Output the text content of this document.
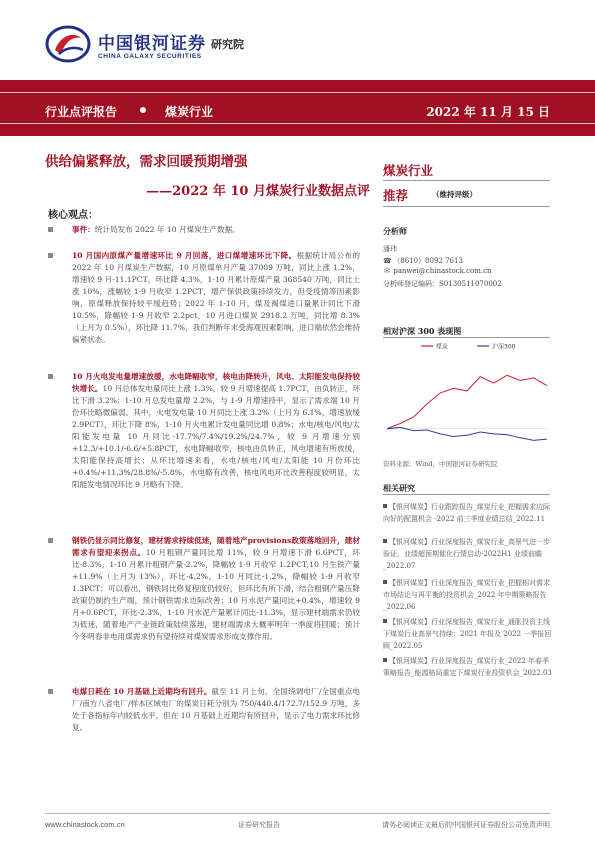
中国银河证券
CHINA GALAXY SECURITIES
研究院
行业点评报告	煤炭行业	2022 年 11 月 15 日
供给偏紧释放，需求回暖预期增强
——2022 年 10 月煤炭行业数据点评
核心观点：
事件：统计局发布 2022 年 10 月煤炭生产数据。
10 月国内原煤产量增速环比 9 月回落，进口煤增速环比下降。根据统计局公布的 2022 年 10 月煤炭生产数据，10 月原煤单月产量 37009 万吨，同比上涨 1.2%，增速较 9 月-11.1PCT，环比降 4.3%，1-10 月累计原煤产量 368540 万吨，同比上涨 10%，涨幅较 1-9 月收窄 1.2PCT，增产保供政策持续发力，但受疫情等因素影响，原煤释放保持较平缓趋势；2022 年 1-10 月，煤及褐煤进口量累计同比下滑 10.5%，降幅较 1-9 月收窄 2.2pct，10 月进口煤炭 2918.2 万吨，同比增 8.3%（上月为 0.5%），环比降 11.7%，我们判断年末受海观因素影响，进口端依然会维持偏紧状态。
10 月火电发电量增速放缓，水电降幅收窄，核电由降转升，风电、太阳能发电保持较快增长。10 月总体发电量同比上涨 1.3%，较 9 月增速提高 1.7PCT，由负转正，环比下滑 3.2%；1-10 月总发电量增 2.2%，与 1-9 月增速持平，显示了需求端 10 月份环比略微偏弱。其中，火电发电量 10 月同比上涨 3.2%（上月为 6.1%，增速放缓 2.9PCT），环比下降 8%，1-10 月火电累计发电量同比增 0.8%；水电/核电/风电/太阳能发电量 10 月同比-17.7%/7.4%/19.2%/24.7%，较 9 月增速分别+12.3/+10.1/-6.6/+5.8PCT，水电降幅收窄，核电由负转正，风电增速有所放缓，太阳能保持高增长；从环比增速来看，水电/核电/风电/太阳能 10 月份环比+0.4%/+11.3%/28.8%/-5.8%，水电略有改善，核电风电环比改善程度较明显，太阳能发电情况环比 9 月略有下降。
钢铁仍显示同比修复，建材需求持续低迷，随着地产provisions政策落地回升，建材需求有望迎来拐点。10 月粗钢产量同比增 11%，较 9 月增速下滑 6.6PCT，环比-8.3%，1-10 月累计粗钢产量-2.2%，降幅较 1-9 月收窄 1.2PCT;10 月生铁产量+11.9%（上月为 13%），环比-4.2%，1-10 月同比-1.2%，降幅较 1-9 月收窄 1.3PCT；可以看出，钢铁同比修复程度仍较好，但环比有所下滑，结合粗钢产量压降政策仍制约生产端，预计钢铁需求边际改善；10 月水泥产量同比+0.4%，增速较 9 月+0.6PCT，环比-2.3%，1-10 月水泥产量累计同比-11.3%，显示建材端需求仍较为低迷，随着地产产业链政策陆续落地，建材端需求大概率明年一季度将回暖；预计今冬明春非电用煤需求仍有望持续对煤炭需求形成支撑作用。
电煤日耗在 10 月基础上近期均有回升。截至 11 月上旬，全国统调电厂/全国重点电厂/南方八省电厂/样本区域电厂的煤炭日耗分别为 750/440.4/172.7/152.9 万吨，多处于各指标年内较低水平，但在 10 月基础上近期均有所回升，显示了电力需求环比修复。
煤炭行业
推荐	（维持评级）
分析师
潘玮
☎ （8610）8092 7613
✉ panwei@chinastock.com.cn
分析师登记编码：S0130511070002
相对沪深 300 表现图
煤炭	沪深300
资料来源：Wind，中国银河证券研究院
相关研究
【银河煤炭】行业跟踪报告_煤炭行业_把握需求边际向好的配置机会 -2022 前三季度业绩总结_2022.11
【银河煤炭】行业深度报告_煤炭行业_高景气进一步验证，业绩超预期催化行情启动-2022H1 业绩前瞻_2022.07
【银河煤炭】行业深度报告_煤炭行业_把握相对需求市场结论与再平衡的投资机会_2022 年中期策略报告_2022.06
【银河煤炭】行业深度报告_煤炭行业_通胀投资主线下煤炭行业高景气持续：2021 年报及 2022 一季报回顾_2022.05
【银河煤炭】行业深度报告_煤炭行业_2022 年春季策略报告_能源格局重定下煤炭行业投资机会_2022.03
www.chinastock.com.cn	证券研究报告	请务必阅读正文最后的中国银河证券股份公司免责声明
